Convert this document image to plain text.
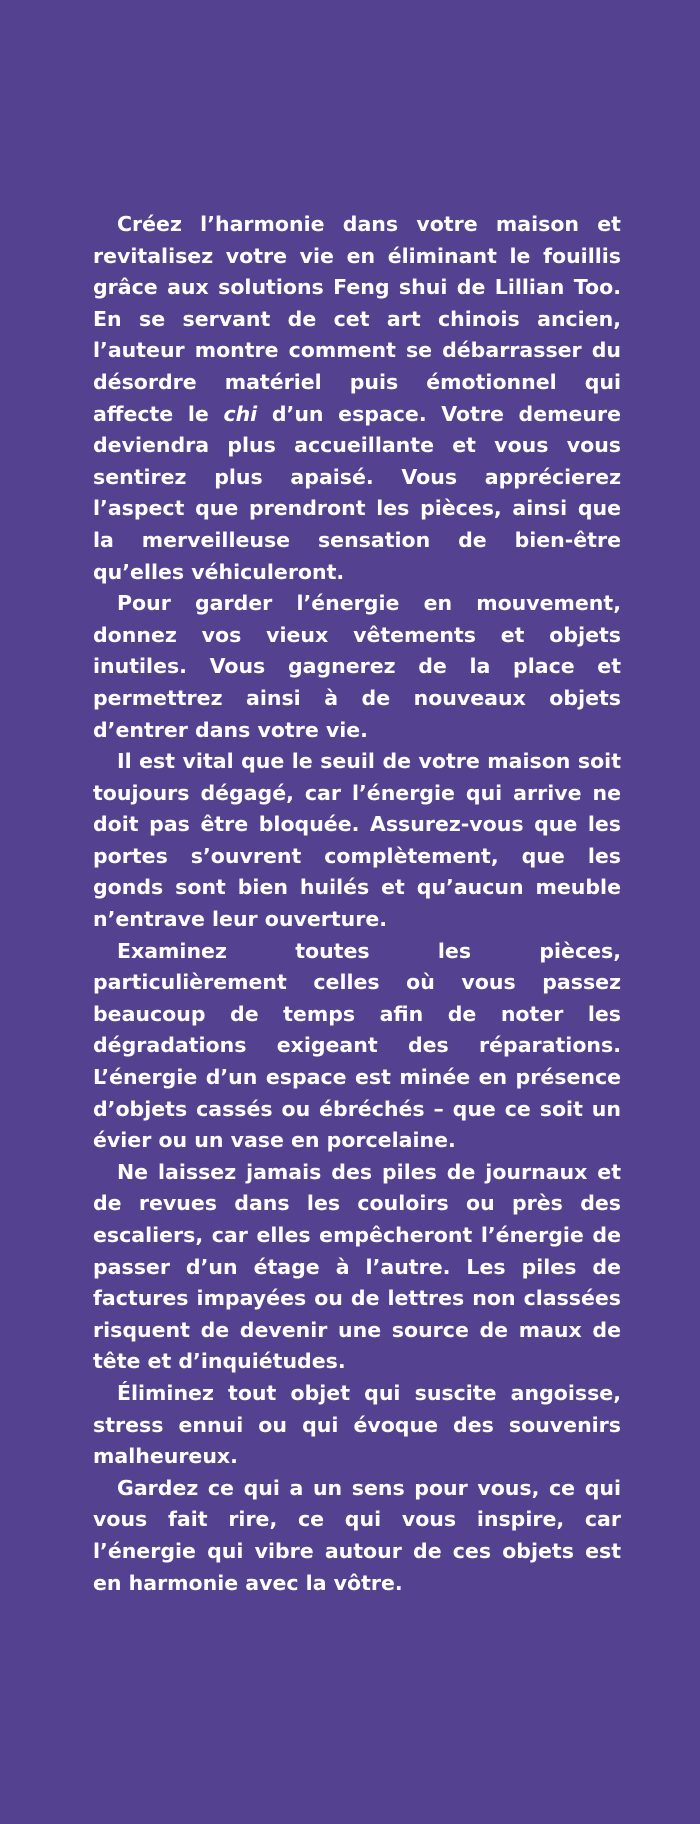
Créez l’harmonie dans votre maison et revitalisez votre vie en éliminant le fouillis grâce aux solutions Feng shui de Lillian Too. En se servant de cet art chinois ancien, l’auteur montre comment se débarrasser du désordre matériel puis émotionnel qui affecte le chi d’un espace. Votre demeure deviendra plus accueillante et vous vous sentirez plus apaisé. Vous apprécierez l’aspect que prendront les pièces, ainsi que la merveilleuse sensation de bien-être qu’elles véhiculeront.

Pour garder l’énergie en mouvement, donnez vos vieux vêtements et objets inutiles. Vous gagnerez de la place et permettrez ainsi à de nouveaux objets d’entrer dans votre vie.

Il est vital que le seuil de votre maison soit toujours dégagé, car l’énergie qui arrive ne doit pas être bloquée. Assurez-vous que les portes s’ouvrent complètement, que les gonds sont bien huilés et qu’aucun meuble n’entrave leur ouverture.

Examinez toutes les pièces, particulièrement celles où vous passez beaucoup de temps afin de noter les dégradations exigeant des réparations. L’énergie d’un espace est minée en présence d’objets cassés ou ébréchés – que ce soit un évier ou un vase en porcelaine.

Ne laissez jamais des piles de journaux et de revues dans les couloirs ou près des escaliers, car elles empêcheront l’énergie de passer d’un étage à l’autre. Les piles de factures impayées ou de lettres non classées risquent de devenir une source de maux de tête et d’inquiétudes.

Éliminez tout objet qui suscite angoisse, stress ennui ou qui évoque des souvenirs malheureux.

Gardez ce qui a un sens pour vous, ce qui vous fait rire, ce qui vous inspire, car l’énergie qui vibre autour de ces objets est en harmonie avec la vôtre.
